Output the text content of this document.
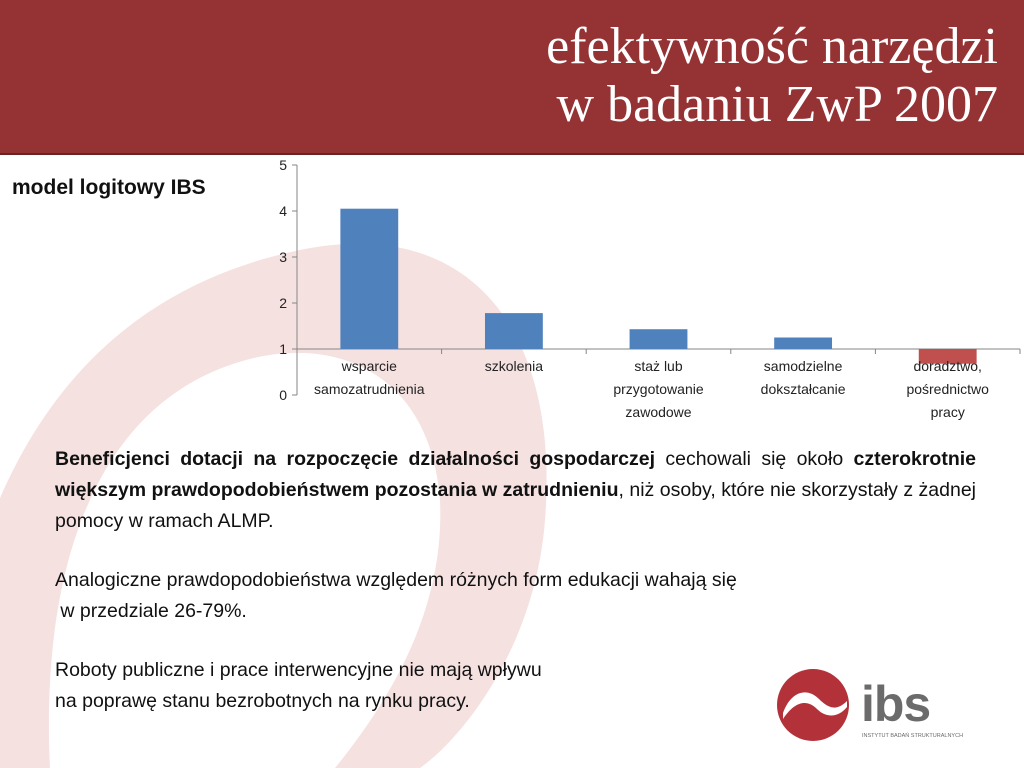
efektywność narzędzi
w badaniu ZwP 2007
model logitowy IBS
0
1
2
3
4
5
wsparcie
samozatrudnienia
szkolenia	staż lub
przygotowanie
zawodowe
samodzielne
dokształcanie
doradztwo,
pośrednictwo
pracy

Beneficjenci dotacji na rozpoczęcie działalności gospodarczej cechowali się około czterokrotnie większym prawdopodobieństwem pozostania w zatrudnieniu, niż osoby, które nie skorzystały z żadnej pomocy w ramach ALMP.

Analogiczne prawdopodobieństwa względem różnych form edukacji wahają się
w przedziale 26-79%.

Roboty publiczne i prace interwencyjne nie mają wpływu
na poprawę stanu bezrobotnych na rynku pracy.	ibs
INSTYTUT BADAŃ STRUKTURALNYCH
